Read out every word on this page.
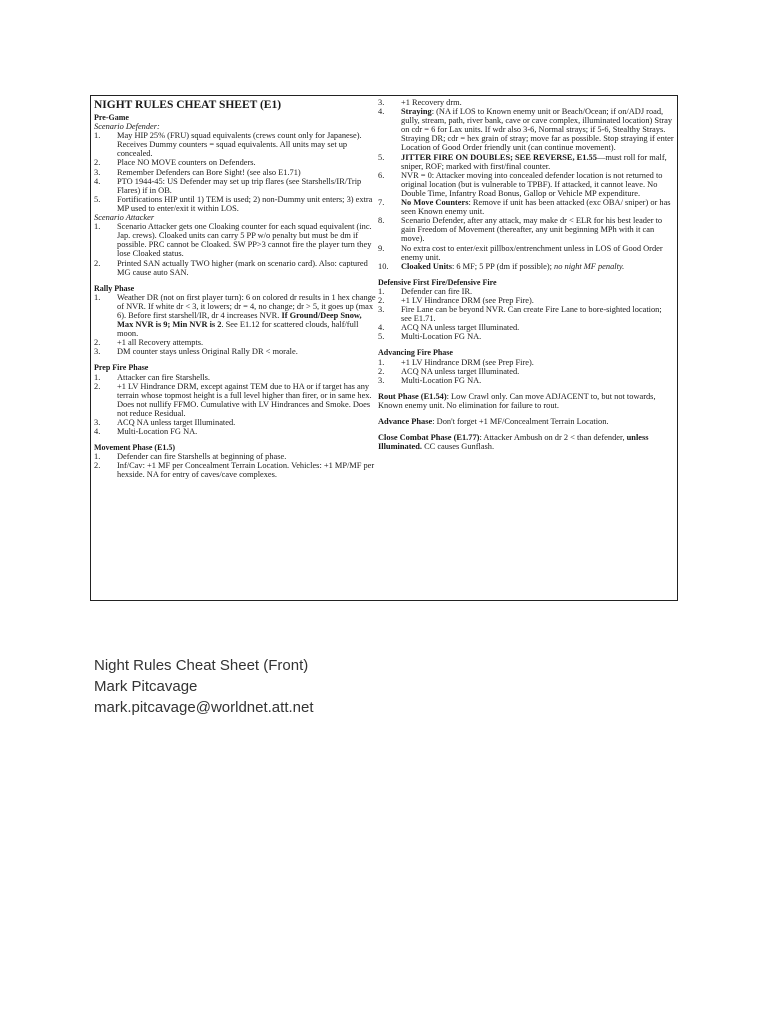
NIGHT RULES CHEAT SHEET (E1)
Pre-Game
Scenario Defender:
1.	May HIP 25% (FRU) squad equivalents (crews count only for Japanese). Receives Dummy counters = squad equivalents. All units may set up concealed.
2.	Place NO MOVE counters on Defenders.
3.	Remember Defenders can Bore Sight! (see also E1.71)
4.	PTO 1944-45: US Defender may set up trip flares (see Starshells/IR/Trip Flares) if in OB.
5.	Fortifications HIP until 1) TEM is used; 2) non-Dummy unit enters; 3) extra MP used to enter/exit it within LOS.
Scenario Attacker
1.	Scenario Attacker gets one Cloaking counter for each squad equivalent (inc. Jap. crews). Cloaked units can carry 5 PP w/o penalty but must be dm if possible. PRC cannot be Cloaked. SW PP>3 cannot fire the player turn they lose Cloaked status.
2.	Printed SAN actually TWO higher (mark on scenario card). Also: captured MG cause auto SAN.
Rally Phase
1.	Weather DR (not on first player turn): 6 on colored dr results in 1 hex change of NVR. If white dr < 3, it lowers; dr = 4, no change; dr > 5, it goes up (max 6). Before first starshell/IR, dr 4 increases NVR. If Ground/Deep Snow, Max NVR is 9; Min NVR is 2. See E1.12 for scattered clouds, half/full moon.
2.	+1 all Recovery attempts.
3.	DM counter stays unless Original Rally DR < morale.
Prep Fire Phase
1.	Attacker can fire Starshells.
2.	+1 LV Hindrance DRM, except against TEM due to HA or if target has any terrain whose topmost height is a full level higher than firer, or in same hex. Does not nullify FFMO. Cumulative with LV Hindrances and Smoke. Does not reduce Residual.
3.	ACQ NA unless target Illuminated.
4.	Multi-Location FG NA.
Movement Phase (E1.5)
1.	Defender can fire Starshells at beginning of phase.
2.	Inf/Cav: +1 MF per Concealment Terrain Location. Vehicles: +1 MP/MF per hexside. NA for entry of caves/cave complexes.
3.	+1 Recovery drm.
4.	Straying: (NA if LOS to Known enemy unit or Beach/Ocean; if on/ADJ road, gully, stream, path, river bank, cave or cave complex, illuminated location) Stray on cdr = 6 for Lax units. If wdr also 3-6, Normal strays; if 5-6, Stealthy Strays. Straying DR; cdr = hex grain of stray; move far as possible. Stop straying if enter Location of Good Order friendly unit (can continue movement).
5.	JITTER FIRE ON DOUBLES; SEE REVERSE, E1.55—must roll for malf, sniper, ROF; marked with first/final counter.
6.	NVR = 0: Attacker moving into concealed defender location is not returned to original location (but is vulnerable to TPBF). If attacked, it cannot leave. No Double Time, Infantry Road Bonus, Gallop or Vehicle MP expenditure.
7.	No Move Counters: Remove if unit has been attacked (exc OBA/ sniper) or has seen Known enemy unit.
8.	Scenario Defender, after any attack, may make dr < ELR for his best leader to gain Freedom of Movement (thereafter, any unit beginning MPh with it can move).
9.	No extra cost to enter/exit pillbox/entrenchment unless in LOS of Good Order enemy unit.
10.	Cloaked Units: 6 MF; 5 PP (dm if possible); no night MF penalty.
Defensive First Fire/Defensive Fire
1.	Defender can fire IR.
2.	+1 LV Hindrance DRM (see Prep Fire).
3.	Fire Lane can be beyond NVR. Can create Fire Lane to bore-sighted location; see E1.71.
4.	ACQ NA unless target Illuminated.
5.	Multi-Location FG NA.
Advancing Fire Phase
1.	+1 LV Hindrance DRM (see Prep Fire).
2.	ACQ NA unless target Illuminated.
3.	Multi-Location FG NA.
Rout Phase (E1.54): Low Crawl only. Can move ADJACENT to, but not towards, Known enemy unit. No elimination for failure to rout.
Advance Phase: Don't forget +1 MF/Concealment Terrain Location.
Close Combat Phase (E1.77): Attacker Ambush on dr 2 < than defender, unless Illuminated. CC causes Gunflash.
Night Rules Cheat Sheet (Front)
Mark Pitcavage
mark.pitcavage@worldnet.att.net
